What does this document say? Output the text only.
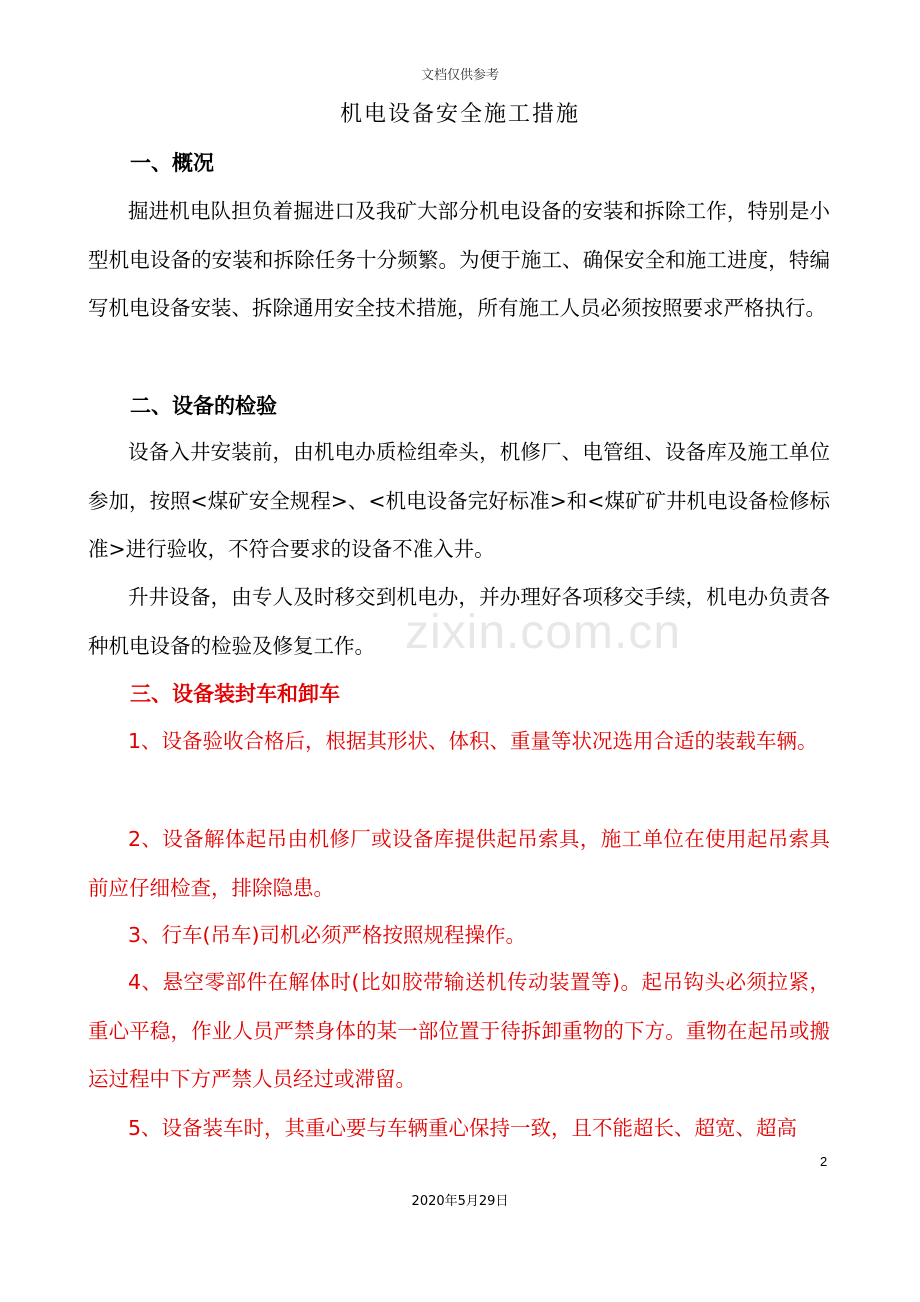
文档仅供参考
机电设备安全施工措施
一、概况

掘进机电队担负着掘进口及我矿大部分机电设备的安装和拆除工作，特别是小型机电设备的安装和拆除任务十分频繁。为便于施工、确保安全和施工进度，特编写机电设备安装、拆除通用安全技术措施，所有施工人员必须按照要求严格执行。

二、设备的检验

设备入井安装前，由机电办质检组牵头，机修厂、电管组、设备库及施工单位参加，按照<煤矿安全规程>、<机电设备完好标准>和<煤矿矿井机电设备检修标准>进行验收，不符合要求的设备不准入井。

升井设备，由专人及时移交到机电办，并办理好各项移交手续，机电办负责各种机电设备的检验及修复工作。

三、设备装封车和卸车

1、设备验收合格后，根据其形状、体积、重量等状况选用合适的装载车辆。

2、设备解体起吊由机修厂或设备库提供起吊索具，施工单位在使用起吊索具前应仔细检查，排除隐患。

3、行车(吊车)司机必须严格按照规程操作。

4、悬空零部件在解体时(比如胶带输送机传动装置等)。起吊钩头必须拉紧，重心平稳，作业人员严禁身体的某一部位置于待拆卸重物的下方。重物在起吊或搬运过程中下方严禁人员经过或滞留。

5、设备装车时，其重心要与车辆重心保持一致，且不能超长、超宽、超高

zixin.com.cn
2
2020年5月29日
